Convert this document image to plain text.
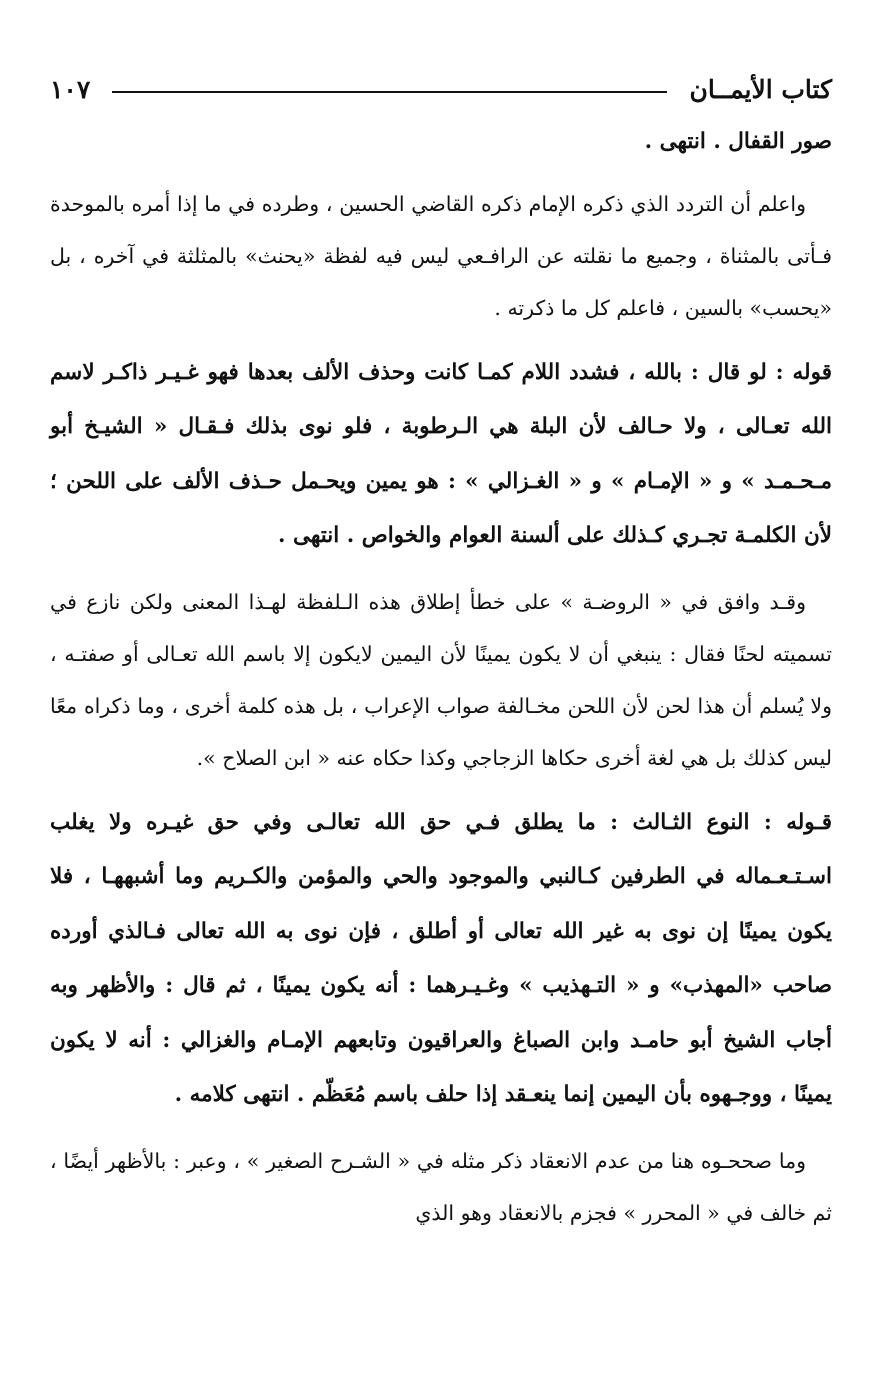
كتاب الأيمــان
١٠٧

صور القفال . انتهى .

واعلم أن التردد الذي ذكره الإمام ذكره القاضي الحسين ، وطرده في ما إذا أمره بالموحدة فـأتى بالمثناة ، وجميع ما نقلته عن الرافـعي ليس فيه لفظة «يحنث» بالمثلثة في آخره ، بل «يحسب» بالسين ، فاعلم كل ما ذكرته .

قوله : لو قال : بالله ، فشدد اللام كمـا كانت وحذف الألف بعدها فهو غـيـر ذاكـر لاسم الله تعـالى ، ولا حـالف لأن البلة هي الـرطوبة ، فلو نوى بذلك فـقـال « الشيـخ أبو مـحـمـد » و « الإمـام » و « الغـزالي » : هو يمين ويحـمل حـذف الألف على اللحن ؛ لأن الكلمـة تجـري كـذلك على ألسنة العوام والخواص . انتهى .

وقـد وافق في « الروضـة » على خطأ إطلاق هذه الـلفظة لهـذا المعنى ولكن نازع في تسميته لحنًا فقال : ينبغي أن لا يكون يمينًا لأن اليمين لايكون إلا باسم الله تعـالى أو صفتـه ، ولا يُسلم أن هذا لحن لأن اللحن مخـالفة صواب الإعراب ، بل هذه كلمة أخرى ، وما ذكراه معًا ليس كذلك بل هي لغة أخرى حكاها الزجاجي وكذا حكاه عنه « ابن الصلاح ».

قـوله : النوع الثـالث : ما يطلق فـي حق الله تعالـى وفي حق غيـره ولا يغلب اسـتـعـماله في الطرفين كـالنبي والموجود والحي والمؤمن والكـريم وما أشبههـا ، فلا يكون يمينًا إن نوى به غير الله تعالى أو أطلق ، فإن نوى به الله تعالى فـالذي أورده صاحب «المهذب» و « التـهذيب » وغـيـرهما : أنه يكون يمينًا ، ثم قال : والأظهر وبه أجاب الشيخ أبو حامـد وابن الصباغ والعراقيون وتابعهم الإمـام والغزالي : أنه لا يكون يمينًا ، ووجـهوه بأن اليمين إنما ينعـقد إذا حلف باسم مُعَظّم . انتهى كلامه .

وما صححـوه هنا من عدم الانعقاد ذكر مثله في « الشـرح الصغير » ، وعبر : بالأظهر أيضًا ، ثم خالف في « المحرر » فجزم بالانعقاد وهو الذي
